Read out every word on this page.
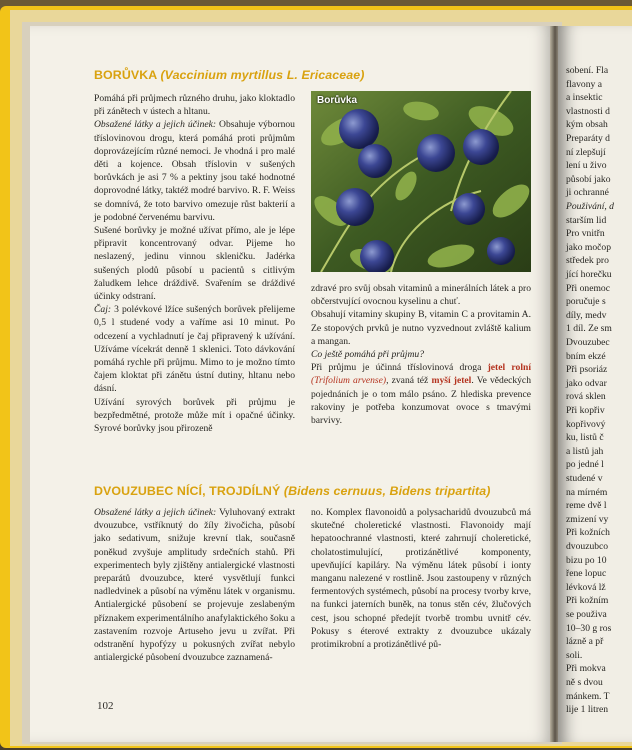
sobení. Fla
flavony a
a insektic
vlastnosti d
kým obsah
Preparáty d
ní zlepšují
lení u živo
působí jako
ji ochranné
Použivání, d
starším lid
Pro vnitřn
jako močop
středek pro
jící horečku
Při onemoc
poručuje s
díly, medv
1 díl. Ze sm
Dvouzubec
bním ekzé
Při psoriáz
jako odvar
rová sklen
Při kopřiv
kopřivový
ku, listů č
a listů jah
po jedné l
studené v
na mírném
reme dvě l
zmizení vy
Při kožních
dvouzubco
bizu po 10
řene lopuc
lévková lž
Při kožním
se použiva
10–30 g ros
lázně a př
soli.
Při mokva
ně s dvou
mánkem. T
lije 1 litren
BORŮVKA (Vaccinium myrtillus L. Ericaceae)

Pomáhá při průjmech různého druhu, jako kloktadlo při zánětech v ústech a hltanu.

Obsažené látky a jejich účinek: Obsahuje výbornou tříslovinovou drogu, která pomáhá proti průjmům doprovázejícím různé nemoci. Je vhodná i pro malé děti a kojence. Obsah tříslovin v sušených borůvkách je asi 7 % a pektiny jsou také hodnotné doprovodné látky, taktéž modré barvivo. R. F. Weiss se domnívá, že toto barvivo omezuje růst bakterií a je podobné červenému barvivu.

Sušené borůvky je možné užívat přímo, ale je lépe připravit koncentrovaný odvar. Pijeme ho neslazený, jedinu vinnou skleničku. Jadérka sušených plodů působí u pacientů s citlivým žaludkem lehce dráždivě. Svařením se dráždivé účinky odstraní.

Čaj: 3 polévkové lžíce sušených borůvek přelijeme 0,5 l studené vody a vaříme asi 10 minut. Po odcezení a vychladnutí je čaj připravený k užívání. Užíváme vícekrát denně 1 sklenici. Toto dávkování pomáhá rychle při průjmu. Mimo to je možno tímto čajem kloktat při zánětu ústní dutiny, hltanu nebo dásní.

Užívání syrových borůvek při průjmu je bezpředmětné, protože může mít i opačné účinky. Syrové borůvky jsou přirozeně

Borůvka

zdravé pro svůj obsah vitaminů a minerálních látek a pro občerstvující ovocnou kyselinu a chuť.

Obsahují vitaminy skupiny B, vitamin C a provitamin A. Ze stopových prvků je nutno vyzvednout zvláště kalium a mangan.

Co ještě pomáhá při průjmu?

Při průjmu je účinná tříslovinová droga jetel rolní (Trifolium arvense), zvaná též myší jetel. Ve vědeckých pojednáních je o tom málo psáno. Z hlediska prevence rakoviny je potřeba konzumovat ovoce s tmavými barvivy.

DVOUZUBEC NÍCÍ, TROJDÍLNÝ (Bidens cernuus, Bidens tripartita)

Obsažené látky a jejich účinek: Vyluhovaný extrakt dvouzubce, vstříknutý do žíly živočicha, působí jako sedativum, snižuje krevní tlak, současně poněkud zvyšuje amplitudy srdečních stahů. Při experimentech byly zjištěny antialergické vlastnosti preparátů dvouzubce, které vysvětlují funkci nadledvinek a působí na výměnu látek v organismu. Antialergické působení se projevuje zeslabeným příznakem experimentálního anafylaktického šoku a zastavením rozvoje Artuseho jevu u zvířat. Při odstranění hypofýzy u pokusných zvířat nebylo antialergické působení dvouzubce zaznamená-

no. Komplex flavonoidů a polysacharidů dvouzubců má skutečné choleretické vlastnosti. Flavonoidy mají hepatoochranné vlastnosti, které zahrnují choleretické, cholatostimulující, protizánětlivé komponenty, upevňující kapiláry. Na výměnu látek působí i ionty manganu nalezené v rostlině. Jsou zastoupeny v různých fermentových systémech, působí na procesy tvorby krve, na funkci jaterních buněk, na tonus stěn cév, žlučových cest, jsou schopné předejít tvorbě trombu uvnitř cév. Pokusy s éterové extrakty z dvouzubce ukázaly protimikrobní a protizánětlivé pů-

102
